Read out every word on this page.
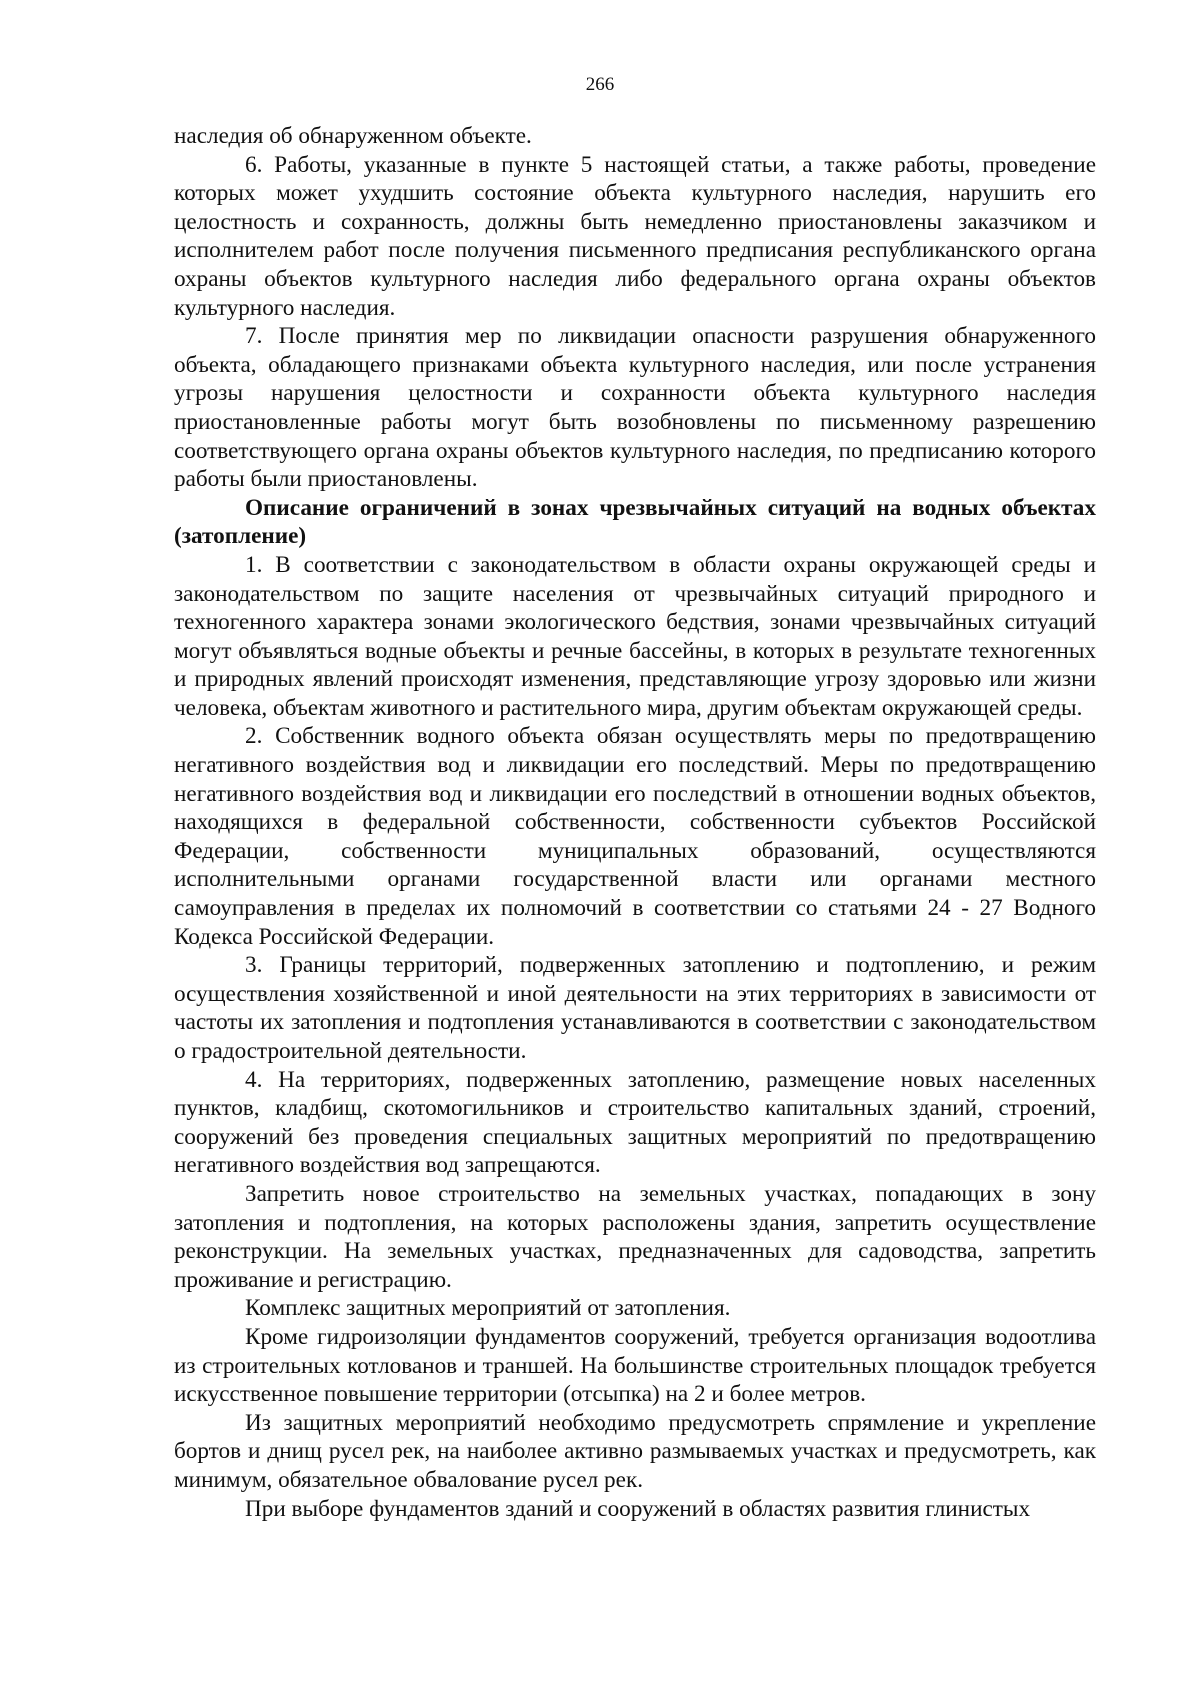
266

наследия об обнаруженном объекте.

6. Работы, указанные в пункте 5 настоящей статьи, а также работы, проведение которых может ухудшить состояние объекта культурного наследия, нарушить его целостность и сохранность, должны быть немедленно приостановлены заказчиком и исполнителем работ после получения письменного предписания республиканского органа охраны объектов культурного наследия либо федерального органа охраны объектов культурного наследия.

7. После принятия мер по ликвидации опасности разрушения обнаруженного объекта, обладающего признаками объекта культурного наследия, или после устранения угрозы нарушения целостности и сохранности объекта культурного наследия приостановленные работы могут быть возобновлены по письменному разрешению соответствующего органа охраны объектов культурного наследия, по предписанию которого работы были приостановлены.

Описание ограничений в зонах чрезвычайных ситуаций на водных объектах (затопление)

1. В соответствии с законодательством в области охраны окружающей среды и законодательством по защите населения от чрезвычайных ситуаций природного и техногенного характера зонами экологического бедствия, зонами чрезвычайных ситуаций могут объявляться водные объекты и речные бассейны, в которых в результате техногенных и природных явлений происходят изменения, представляющие угрозу здоровью или жизни человека, объектам животного и растительного мира, другим объектам окружающей среды.

2. Собственник водного объекта обязан осуществлять меры по предотвращению негативного воздействия вод и ликвидации его последствий. Меры по предотвращению негативного воздействия вод и ликвидации его последствий в отношении водных объектов, находящихся в федеральной собственности, собственности субъектов Российской Федерации, собственности муниципальных образований, осуществляются исполнительными органами государственной власти или органами местного самоуправления в пределах их полномочий в соответствии со статьями 24 - 27 Водного Кодекса Российской Федерации.

3. Границы территорий, подверженных затоплению и подтоплению, и режим осуществления хозяйственной и иной деятельности на этих территориях в зависимости от частоты их затопления и подтопления устанавливаются в соответствии с законодательством о градостроительной деятельности.

4. На территориях, подверженных затоплению, размещение новых населенных пунктов, кладбищ, скотомогильников и строительство капитальных зданий, строений, сооружений без проведения специальных защитных мероприятий по предотвращению негативного воздействия вод запрещаются.

Запретить новое строительство на земельных участках, попадающих в зону затопления и подтопления, на которых расположены здания, запретить осуществление реконструкции. На земельных участках, предназначенных для садоводства, запретить проживание и регистрацию.

Комплекс защитных мероприятий от затопления.

Кроме гидроизоляции фундаментов сооружений, требуется организация водоотлива из строительных котлованов и траншей. На большинстве строительных площадок требуется искусственное повышение территории (отсыпка) на 2 и более метров.

Из защитных мероприятий необходимо предусмотреть спрямление и укрепление бортов и днищ русел рек, на наиболее активно размываемых участках и предусмотреть, как минимум, обязательное обвалование русел рек.

При выборе фундаментов зданий и сооружений в областях развития глинистых
